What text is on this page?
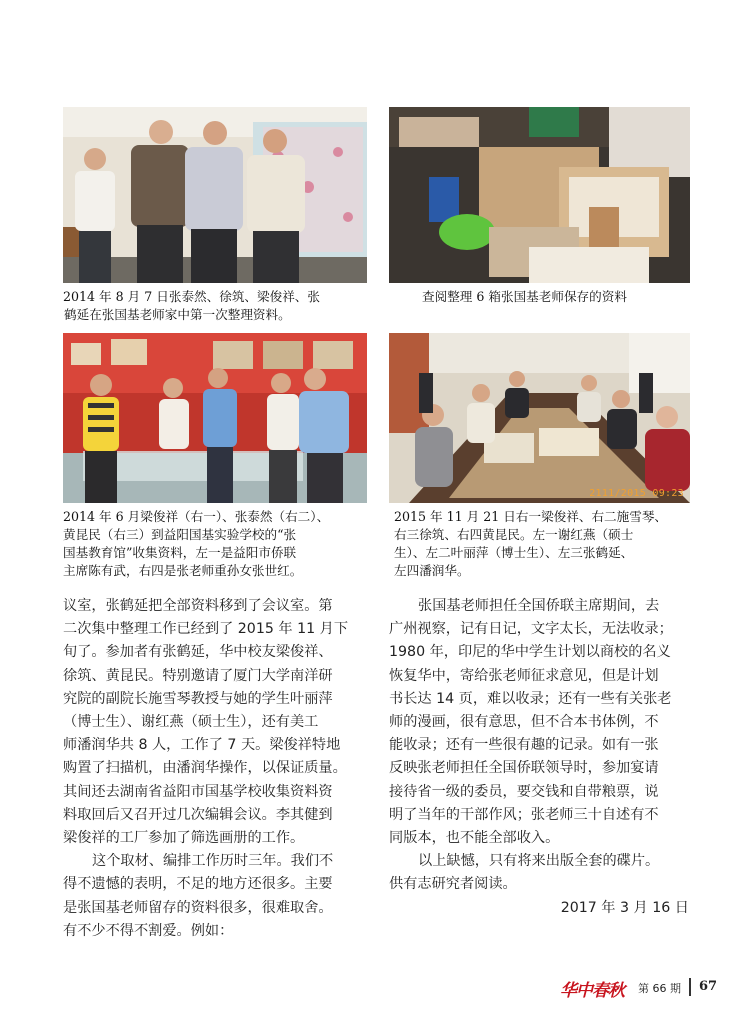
2014 年 8 月 7 日张泰然、徐筑、梁俊祥、张
鹤延在张国基老师家中第一次整理资料。
查阅整理 6 箱张国基老师保存的资料
2014 年 6 月梁俊祥（右一）、张泰然（右二）、
黄昆民（右三）到益阳国基实验学校的“张
国基教育馆”收集资料，左一是益阳市侨联
主席陈有武，右四是张老师重孙女张世红。
2111/2015 09:23
2015 年 11 月 21 日右一梁俊祥、右二施雪琴、
右三徐筑、右四黄昆民。左一谢红燕（硕士
生）、左二叶丽萍（博士生）、左三张鹤延、
左四潘润华。
议室，张鹤延把全部资料移到了会议室。第
二次集中整理工作已经到了 2015 年 11 月下
旬了。参加者有张鹤延，华中校友梁俊祥、
徐筑、黄昆民。特别邀请了厦门大学南洋研
究院的副院长施雪琴教授与她的学生叶丽萍
（博士生）、谢红燕（硕士生），还有美工
师潘润华共 8 人，工作了 7 天。梁俊祥特地
购置了扫描机，由潘润华操作，以保证质量。
其间还去湖南省益阳市国基学校收集资料资
料取回后又召开过几次编辑会议。李其健到
梁俊祥的工厂参加了筛选画册的工作。
这个取材、编排工作历时三年。我们不
得不遗憾的表明，不足的地方还很多。主要
是张国基老师留存的资料很多，很难取舍。
有不少不得不割爱。例如：
张国基老师担任全国侨联主席期间，去
广州视察，记有日记，文字太长，无法收录；
1980 年，印尼的华中学生计划以商校的名义
恢复华中，寄给张老师征求意见，但是计划
书长达 14 页，难以收录；还有一些有关张老
师的漫画，很有意思，但不合本书体例，不
能收录；还有一些很有趣的记录。如有一张
反映张老师担任全国侨联领导时，参加宴请
接待省一级的委员，要交钱和自带粮票，说
明了当年的干部作风；张老师三十自述有不
同版本，也不能全部收入。
以上缺憾，只有将来出版全套的碟片。
供有志研究者阅读。
2017 年 3 月 16 日
华中春秋 第 66 期 67
